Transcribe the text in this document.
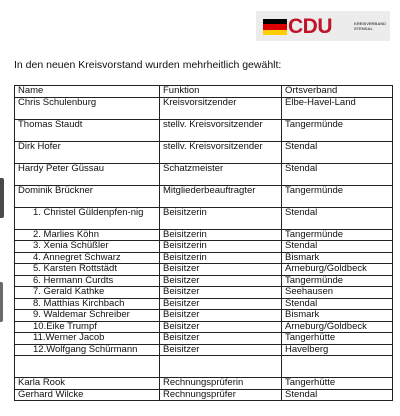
CDU	KREISVERBAND
STENDAL
In den neuen Kreisvorstand wurden mehrheitlich gewählt:
Name	Funktion	Ortsverband
Chris Schulenburg	Kreisvorsitzender	Elbe-Havel-Land
Thomas Staudt	stellv. Kreisvorsitzender	Tangermünde
Dirk Hofer	stellv. Kreisvorsitzender	Stendal
Hardy Peter Güssau	Schatzmeister	Stendal
Dominik Brückner	Mitgliederbeauftragter	Tangermünde
1. Christel Güldenpfen-nig	Beisitzerin	Stendal
2. Marlies Köhn	Beisitzerin	Tangermünde
3. Xenia Schüßler	Beisitzerin	Stendal
4. Annegret Schwarz	Beisitzerin	Bismark
5. Karsten Rottstädt	Beisitzer	Arneburg/Goldbeck
6. Hermann Curdts	Beisitzer	Tangermünde
7. Gerald Kathke	Beisitzer	Seehausen
8. Matthias Kirchbach	Beisitzer	Stendal
9. Waldemar Schreiber	Beisitzer	Bismark
10.Eike Trumpf	Beisitzer	Arneburg/Goldbeck
11.Werner Jacob	Beisitzer	Tangerhütte
12.Wolfgang Schürmann	Beisitzer	Havelberg

Karla Rook	Rechnungsprüferin	Tangerhütte
Gerhard Wilcke	Rechnungsprüfer	Stendal
